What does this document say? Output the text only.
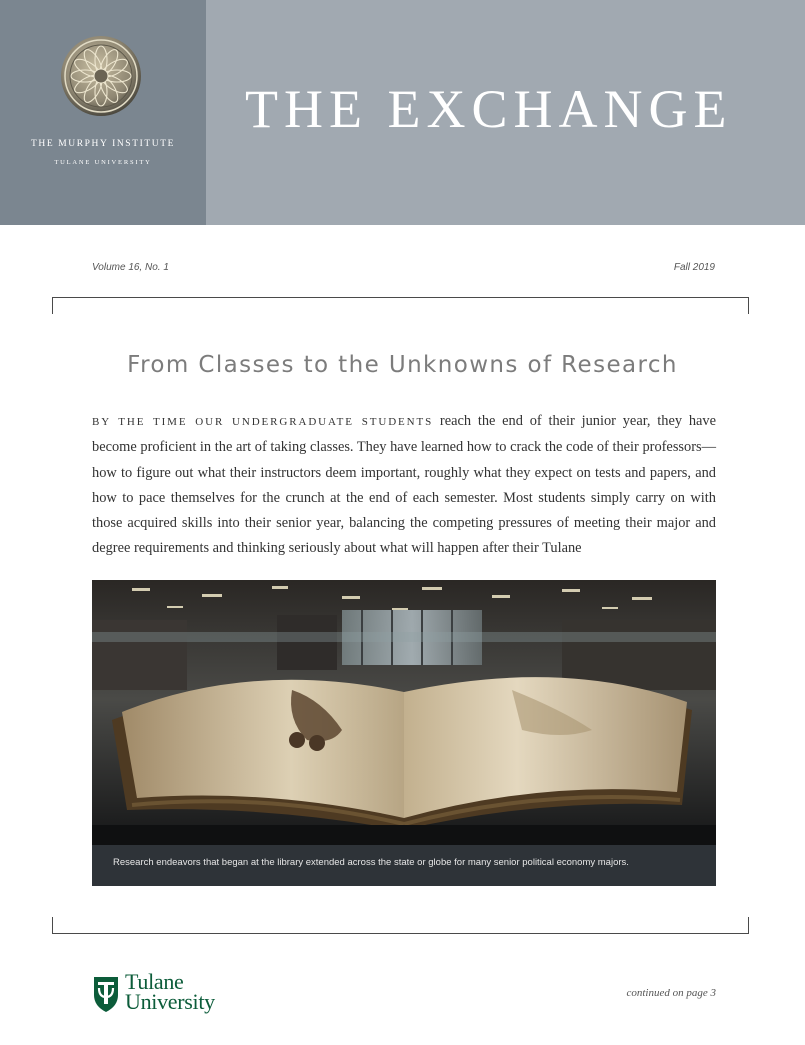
THE MURPHY INSTITUTE
TULANE UNIVERSITY
THE EXCHANGE
Volume 16, No. 1	Fall 2019
From Classes to the Unknowns of Research
BY THE TIME OUR UNDERGRADUATE STUDENTS reach the end of their junior year, they have become proficient in the art of taking classes. They have learned how to crack the code of their professors—how to figure out what their instructors deem important, roughly what they expect on tests and papers, and how to pace themselves for the crunch at the end of each semester. Most students simply carry on with those acquired skills into their senior year, balancing the competing pressures of meeting their major and degree requirements and thinking seriously about what will happen after their Tulane
Research endeavors that began at the library extended across the state or globe for many senior political economy majors.
Tulane
University	continued on page 3
